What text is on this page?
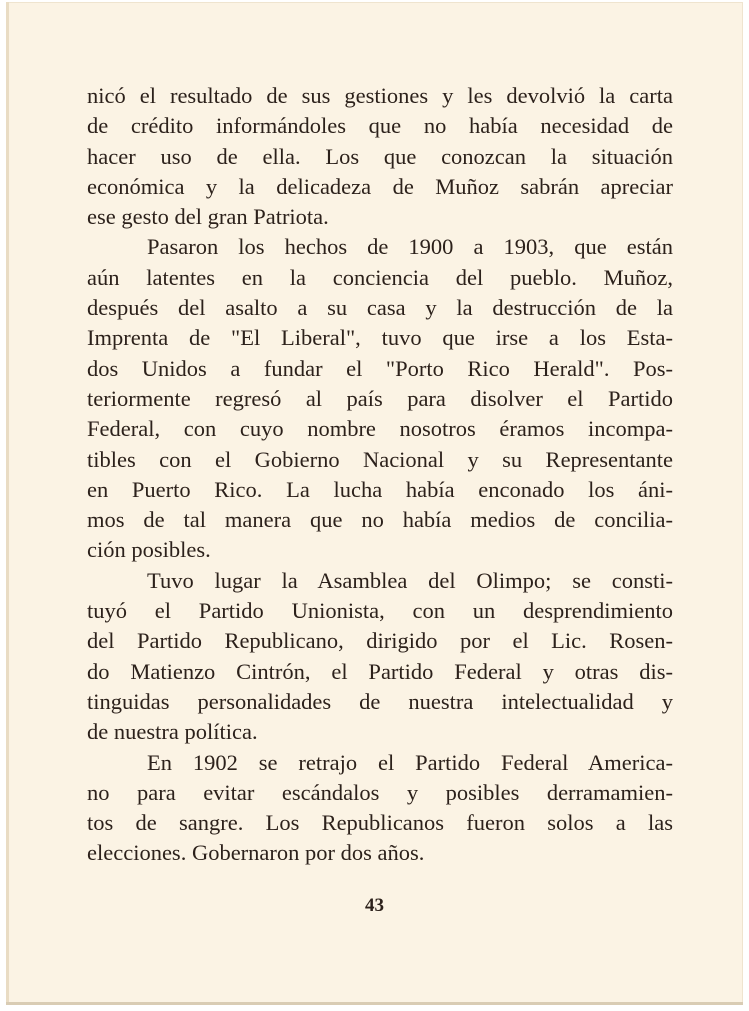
nicó el resultado de sus gestiones y les devolvió la carta
de crédito informándoles que no había necesidad de
hacer uso de ella. Los que conozcan la situación
económica y la delicadeza de Muñoz sabrán apreciar
ese gesto del gran Patriota.
Pasaron los hechos de 1900 a 1903, que están
aún latentes en la conciencia del pueblo. Muñoz,
después del asalto a su casa y la destrucción de la
Imprenta de "El Liberal", tuvo que irse a los Esta-
dos Unidos a fundar el "Porto Rico Herald". Pos-
teriormente regresó al país para disolver el Partido
Federal, con cuyo nombre nosotros éramos incompa-
tibles con el Gobierno Nacional y su Representante
en Puerto Rico. La lucha había enconado los áni-
mos de tal manera que no había medios de concilia-
ción posibles.
Tuvo lugar la Asamblea del Olimpo; se consti-
tuyó el Partido Unionista, con un desprendimiento
del Partido Republicano, dirigido por el Lic. Rosen-
do Matienzo Cintrón, el Partido Federal y otras dis-
tinguidas personalidades de nuestra intelectualidad y
de nuestra política.
En 1902 se retrajo el Partido Federal America-
no para evitar escándalos y posibles derramamien-
tos de sangre. Los Republicanos fueron solos a las
elecciones. Gobernaron por dos años.
43
